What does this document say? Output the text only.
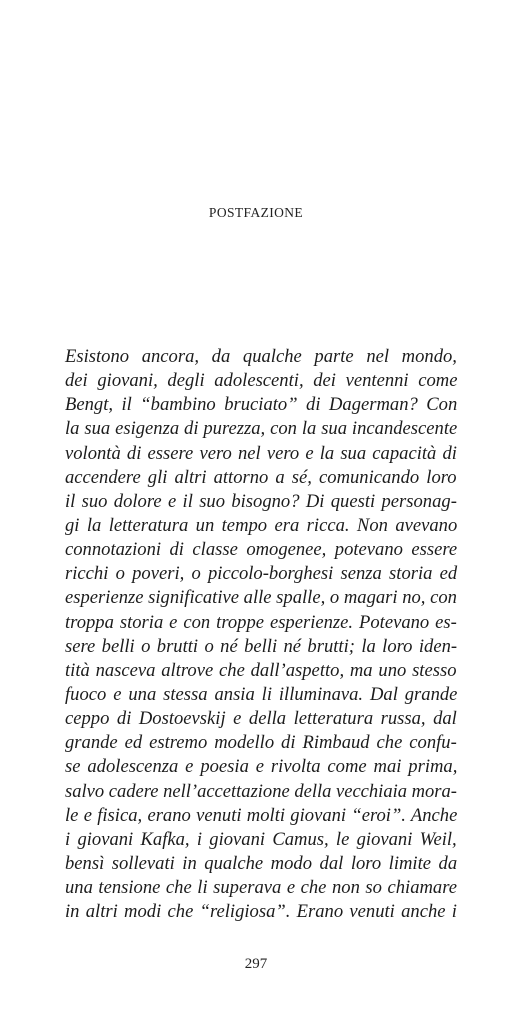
POSTFAZIONE
Esistono ancora, da qualche parte nel mondo,
dei giovani, degli adolescenti, dei ventenni come
Bengt, il “bambino bruciato” di Dagerman? Con
la sua esigenza di purezza, con la sua incandescente
volontà di essere vero nel vero e la sua capacità di
accendere gli altri attorno a sé, comunicando loro
il suo dolore e il suo bisogno? Di questi personag-
gi la letteratura un tempo era ricca. Non avevano
connotazioni di classe omogenee, potevano essere
ricchi o poveri, o piccolo-borghesi senza storia ed
esperienze significative alle spalle, o magari no, con
troppa storia e con troppe esperienze. Potevano es-
sere belli o brutti o né belli né brutti; la loro iden-
tità nasceva altrove che dall’aspetto, ma uno stesso
fuoco e una stessa ansia li illuminava. Dal grande
ceppo di Dostoevskij e della letteratura russa, dal
grande ed estremo modello di Rimbaud che confu-
se adolescenza e poesia e rivolta come mai prima,
salvo cadere nell’accettazione della vecchiaia mora-
le e fisica, erano venuti molti giovani “eroi”. Anche
i giovani Kafka, i giovani Camus, le giovani Weil,
bensì sollevati in qualche modo dal loro limite da
una tensione che li superava e che non so chiamare
in altri modi che “religiosa”. Erano venuti anche i
297
